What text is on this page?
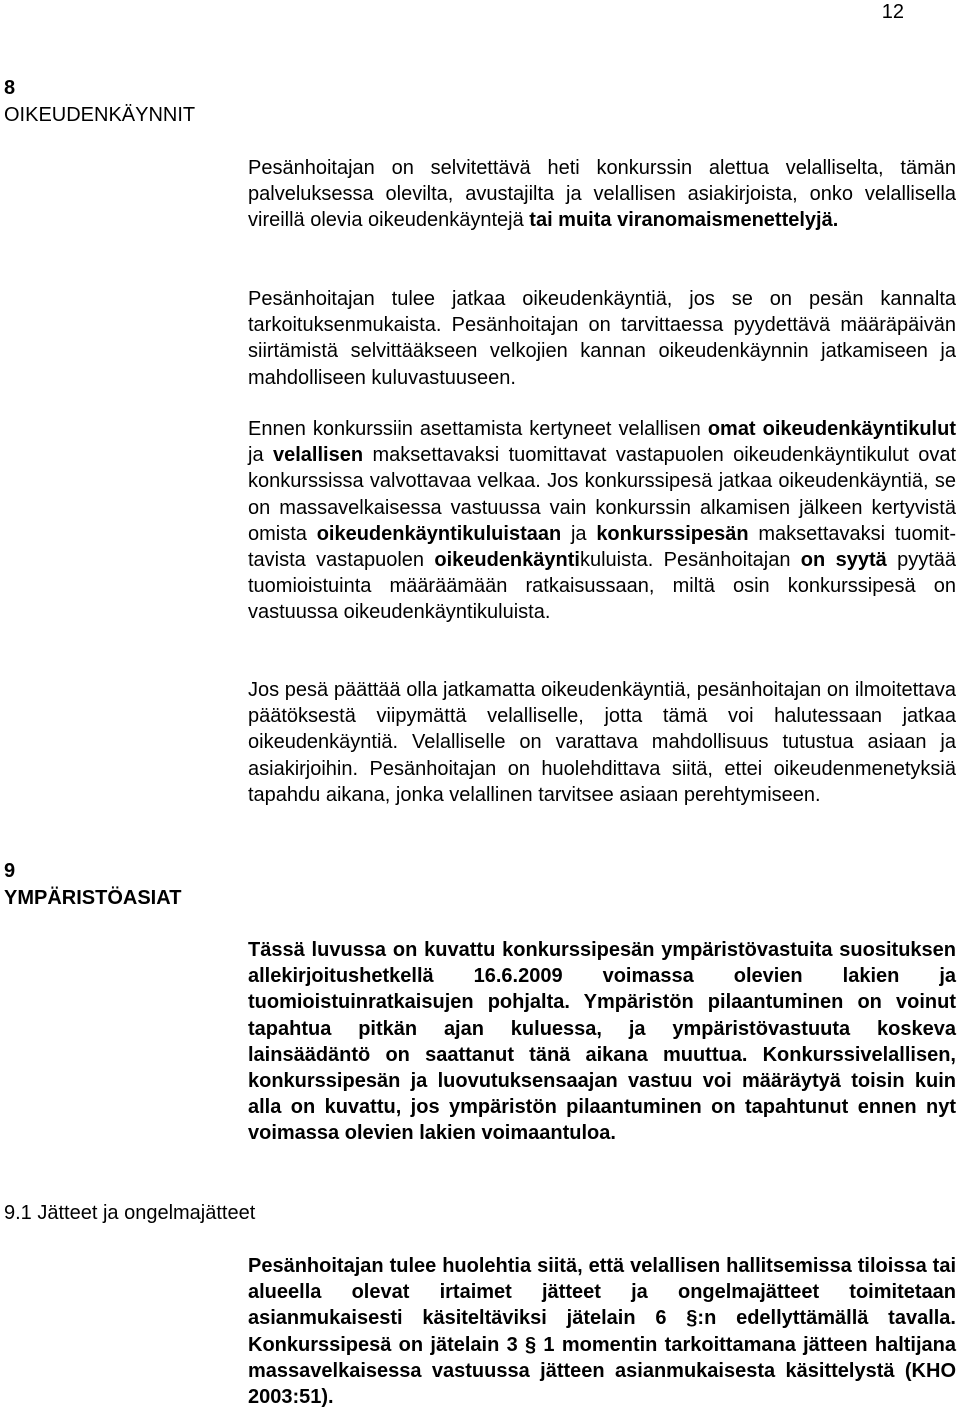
12
8
OIKEUDENKÄYNNIT
Pesänhoitajan on selvitettävä heti konkurssin alettua velalliselta, tämän palveluksessa olevilta, avustajilta ja velallisen asiakirjoista, onko velallisella vireillä olevia oikeudenkäyntejä tai muita viranomaismenettelyjä.
Pesänhoitajan tulee jatkaa oikeudenkäyntiä, jos se on pesän kannalta tarkoituksenmukaista. Pesänhoitajan on tarvittaessa pyydettävä määräpäivän siirtämistä selvittääkseen velkojien kannan oikeudenkäynnin jatkamiseen ja mahdolliseen kuluvastuuseen.
Ennen konkurssiin asettamista kertyneet velallisen omat oikeudenkäyntikulut ja velallisen maksettavaksi tuomittavat vastapuolen oikeudenkäyntikulut ovat konkurssissa valvottavaa velkaa. Jos konkurssipesä jatkaa oikeudenkäyntiä, se on massavelkaisessa vastuussa vain konkurssin alkamisen jälkeen kertyvistä omista oikeudenkäyntikuluistaan ja konkurssipesän maksettavaksi tuomittavista vastapuolen oikeudenkäyntikuluista. Pesänhoitajan on syytä pyytää tuomioistuinta määräämään ratkaisussaan, miltä osin konkurssipesä on vastuussa oikeudenkäyntikuluista.
Jos pesä päättää olla jatkamatta oikeudenkäyntiä, pesänhoitajan on ilmoitettava päätöksestä viipymättä velalliselle, jotta tämä voi halutessaan jatkaa oikeudenkäyntiä. Velalliselle on varattava mahdollisuus tutustua asiaan ja asiakirjoihin. Pesänhoitajan on huolehdittava siitä, ettei oikeudenmenetyksiä tapahdu aikana, jonka velallinen tarvitsee asiaan perehtymiseen.
9
YMPÄRISTÖASIAT
Tässä luvussa on kuvattu konkurssipesän ympäristövastuita suosituksen allekirjoitushetkellä 16.6.2009 voimassa olevien lakien ja tuomioistuinratkaisujen pohjalta. Ympäristön pilaantuminen on voinut tapahtua pitkän ajan kuluessa, ja ympäristövastuuta koskeva lainsäädäntö on saattanut tänä aikana muuttua. Konkurssivelallisen, konkurssipesän ja luovutuksensaajan vastuu voi määräytyä toisin kuin alla on kuvattu, jos ympäristön pilaantuminen on tapahtunut ennen nyt voimassa olevien lakien voimaantuloa.
9.1 Jätteet ja ongelmajätteet
Pesänhoitajan tulee huolehtia siitä, että velallisen hallitsemissa tiloissa tai alueella olevat irtaimet jätteet ja ongelmajätteet toimitetaan asianmukaisesti käsiteltäviksi jätelain 6 §:n edellyttämällä tavalla. Konkurssipesä on jätelain 3 § 1 momentin tarkoittamana jätteen haltijana massavelkaisessa vastuussa jätteen asianmukaisesta käsittelystä (KHO 2003:51).
